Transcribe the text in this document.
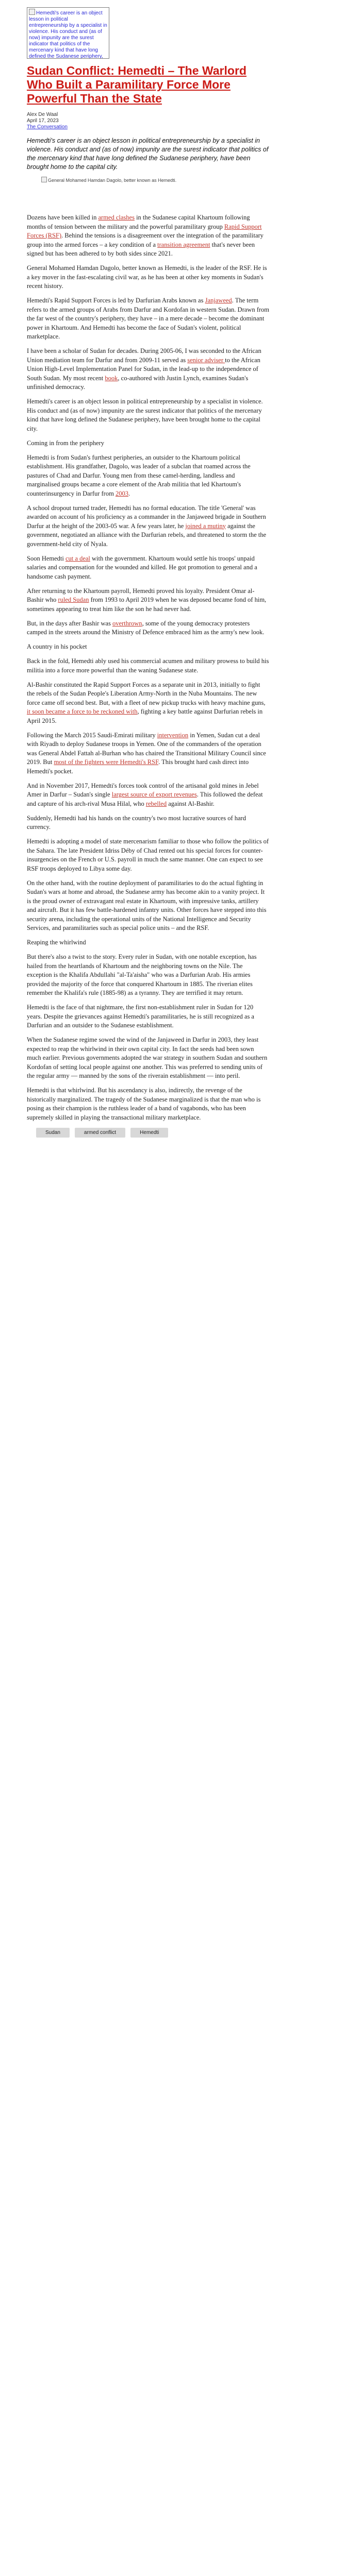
Hemedti's career is an object lesson in political entrepreneurship by a specialist in violence. His conduct and (as of now) impunity are the surest indicator that politics of the mercenary kind that have long defined the Sudanese periphery,
Sudan Conflict: Hemedti – The Warlord Who Built a Paramilitary Force More Powerful Than the State
Alex De Waal
April 17, 2023
The Conversation

Hemedti's career is an object lesson in political entrepreneurship by a specialist in violence. His conduct and (as of now) impunity are the surest indicator that politics of the mercenary kind that have long defined the Sudanese periphery, have been brought home to the capital city.

General Mohamed Hamdan Dagolo, better known as Hemedti.

Dozens have been killed in armed clashes in the Sudanese capital Khartoum following months of tension between the military and the powerful paramilitary group Rapid Support Forces (RSF). Behind the tensions is a disagreement over the integration of the paramilitary group into the armed forces – a key condition of a transition agreement that's never been signed but has been adhered to by both sides since 2021.

General Mohamed Hamdan Dagolo, better known as Hemedti, is the leader of the RSF. He is a key mover in the fast-escalating civil war, as he has been at other key moments in Sudan's recent history.

Hemedti's Rapid Support Forces is led by Darfurian Arabs known as Janjaweed. The term refers to the armed groups of Arabs from Darfur and Kordofan in western Sudan. Drawn from the far west of the country's periphery, they have – in a mere decade – become the dominant power in Khartoum. And Hemedti has become the face of Sudan's violent, political marketplace.

I have been a scholar of Sudan for decades. During 2005-06, I was seconded to the African Union mediation team for Darfur and from 2009-11 served as senior adviser to the African Union High-Level Implementation Panel for Sudan, in the lead-up to the independence of South Sudan. My most recent book, co-authored with Justin Lynch, examines Sudan's unfinished democracy.

Hemedti's career is an object lesson in political entrepreneurship by a specialist in violence. His conduct and (as of now) impunity are the surest indicator that politics of the mercenary kind that have long defined the Sudanese periphery, have been brought home to the capital city.

Coming in from the periphery

Hemedti is from Sudan's furthest peripheries, an outsider to the Khartoum political establishment. His grandfather, Dagolo, was leader of a subclan that roamed across the pastures of Chad and Darfur. Young men from these camel-herding, landless and marginalised groups became a core element of the Arab militia that led Khartoum's counterinsurgency in Darfur from 2003.

A school dropout turned trader, Hemedti has no formal education. The title 'General' was awarded on account of his proficiency as a commander in the Janjaweed brigade in Southern Darfur at the height of the 2003-05 war. A few years later, he joined a mutiny against the government, negotiated an alliance with the Darfurian rebels, and threatened to storm the the government-held city of Nyala.

Soon Hemedti cut a deal with the government. Khartoum would settle his troops' unpaid salaries and compensation for the wounded and killed. He got promotion to general and a handsome cash payment.

After returning to the Khartoum payroll, Hemedti proved his loyalty. President Omar al-Bashir who ruled Sudan from 1993 to April 2019 when he was deposed became fond of him, sometimes appearing to treat him like the son he had never had.

But, in the days after Bashir was overthrown, some of the young democracy protesters camped in the streets around the Ministry of Defence embraced him as the army's new look.

A country in his pocket

Back in the fold, Hemedti ably used his commercial acumen and military prowess to build his militia into a force more powerful than the waning Sudanese state.

Al-Bashir constituted the Rapid Support Forces as a separate unit in 2013, initially to fight the rebels of the Sudan People's Liberation Army-North in the Nuba Mountains. The new force came off second best. But, with a fleet of new pickup trucks with heavy machine guns, it soon became a force to be reckoned with, fighting a key battle against Darfurian rebels in April 2015.

Following the March 2015 Saudi-Emirati military intervention in Yemen, Sudan cut a deal with Riyadh to deploy Sudanese troops in Yemen. One of the commanders of the operation was General Abdel Fattah al-Burhan who has chaired the Transitional Military Council since 2019. But most of the fighters were Hemedti's RSF. This brought hard cash direct into Hemedti's pocket.

And in November 2017, Hemedti's forces took control of the artisanal gold mines in Jebel Amer in Darfur – Sudan's single largest source of export revenues. This followed the defeat and capture of his arch-rival Musa Hilal, who rebelled against Al-Bashir.

Suddenly, Hemedti had his hands on the country's two most lucrative sources of hard currency.

Hemedti is adopting a model of state mercenarism familiar to those who follow the politics of the Sahara. The late President Idriss Déby of Chad rented out his special forces for counter-insurgencies on the French or U.S. payroll in much the same manner. One can expect to see RSF troops deployed to Libya some day.

On the other hand, with the routine deployment of paramilitaries to do the actual fighting in Sudan's wars at home and abroad, the Sudanese army has become akin to a vanity project. It is the proud owner of extravagant real estate in Khartoum, with impressive tanks, artillery and aircraft. But it has few battle-hardened infantry units. Other forces have stepped into this security arena, including the operational units of the National Intelligence and Security Services, and paramilitaries such as special police units – and the RSF.

Reaping the whirlwind

But there's also a twist to the story. Every ruler in Sudan, with one notable exception, has hailed from the heartlands of Khartoum and the neighboring towns on the Nile. The exception is the Khalifa Abdullahi "al-Ta'aisha" who was a Darfurian Arab. His armies provided the majority of the force that conquered Khartoum in 1885. The riverian elites remember the Khalifa's rule (1885-98) as a tyranny. They are terrified it may return.

Hemedti is the face of that nightmare, the first non-establishment ruler in Sudan for 120 years. Despite the grievances against Hemedti's paramilitaries, he is still recognized as a Darfurian and an outsider to the Sudanese establishment.

When the Sudanese regime sowed the wind of the Janjaweed in Darfur in 2003, they least expected to reap the whirlwind in their own capital city. In fact the seeds had been sown much earlier. Previous governments adopted the war strategy in southern Sudan and southern Kordofan of setting local people against one another. This was preferred to sending units of the regular army — manned by the sons of the riverain establishment — into peril.

Hemedti is that whirlwind. But his ascendancy is also, indirectly, the revenge of the historically marginalized. The tragedy of the Sudanese marginalized is that the man who is posing as their champion is the ruthless leader of a band of vagabonds, who has been supremely skilled in playing the transactional military marketplace.

Sudan	armed conflict	Hemedti
